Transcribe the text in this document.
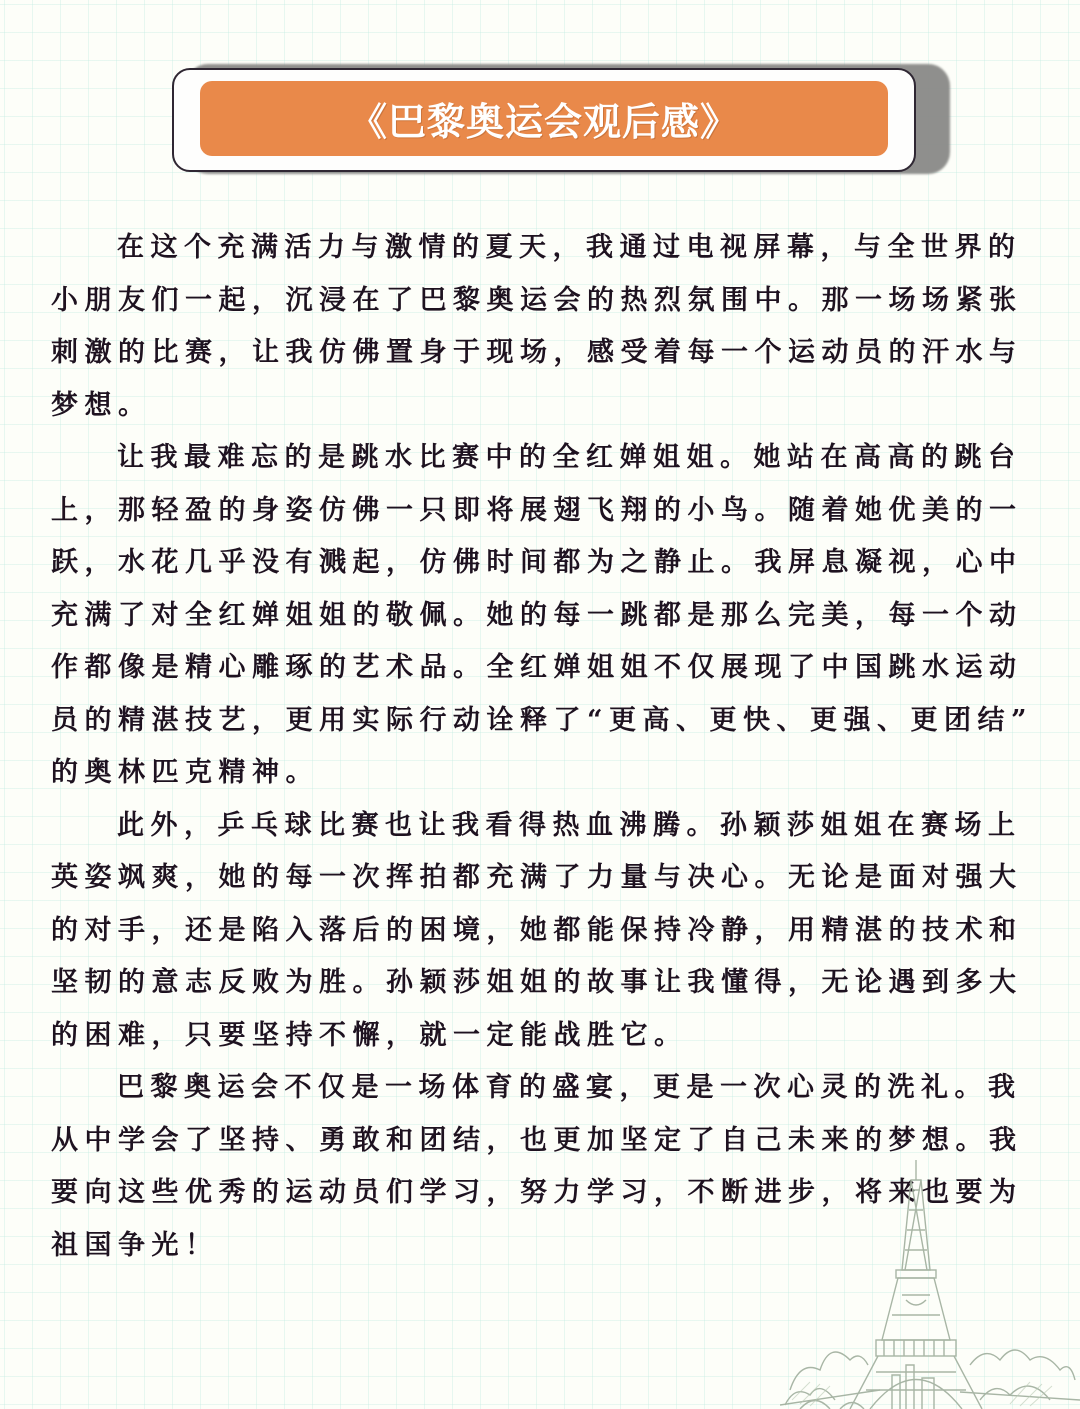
《巴黎奥运会观后感》
在这个充满活力与激情的夏天，我通过电视屏幕，与全世界的
小朋友们一起，沉浸在了巴黎奥运会的热烈氛围中。那一场场紧张
刺激的比赛，让我仿佛置身于现场，感受着每一个运动员的汗水与
梦想。
让我最难忘的是跳水比赛中的全红婵姐姐。她站在高高的跳台
上，那轻盈的身姿仿佛一只即将展翅飞翔的小鸟。随着她优美的一
跃，水花几乎没有溅起，仿佛时间都为之静止。我屏息凝视，心中
充满了对全红婵姐姐的敬佩。她的每一跳都是那么完美，每一个动
作都像是精心雕琢的艺术品。全红婵姐姐不仅展现了中国跳水运动
员的精湛技艺，更用实际行动诠释了“更高、更快、更强、更团结”
的奥林匹克精神。
此外，乒乓球比赛也让我看得热血沸腾。孙颖莎姐姐在赛场上
英姿飒爽，她的每一次挥拍都充满了力量与决心。无论是面对强大
的对手，还是陷入落后的困境，她都能保持冷静，用精湛的技术和
坚韧的意志反败为胜。孙颖莎姐姐的故事让我懂得，无论遇到多大
的困难，只要坚持不懈，就一定能战胜它。
巴黎奥运会不仅是一场体育的盛宴，更是一次心灵的洗礼。我
从中学会了坚持、勇敢和团结，也更加坚定了自己未来的梦想。我
要向这些优秀的运动员们学习，努力学习，不断进步，将来也要为
祖国争光！
